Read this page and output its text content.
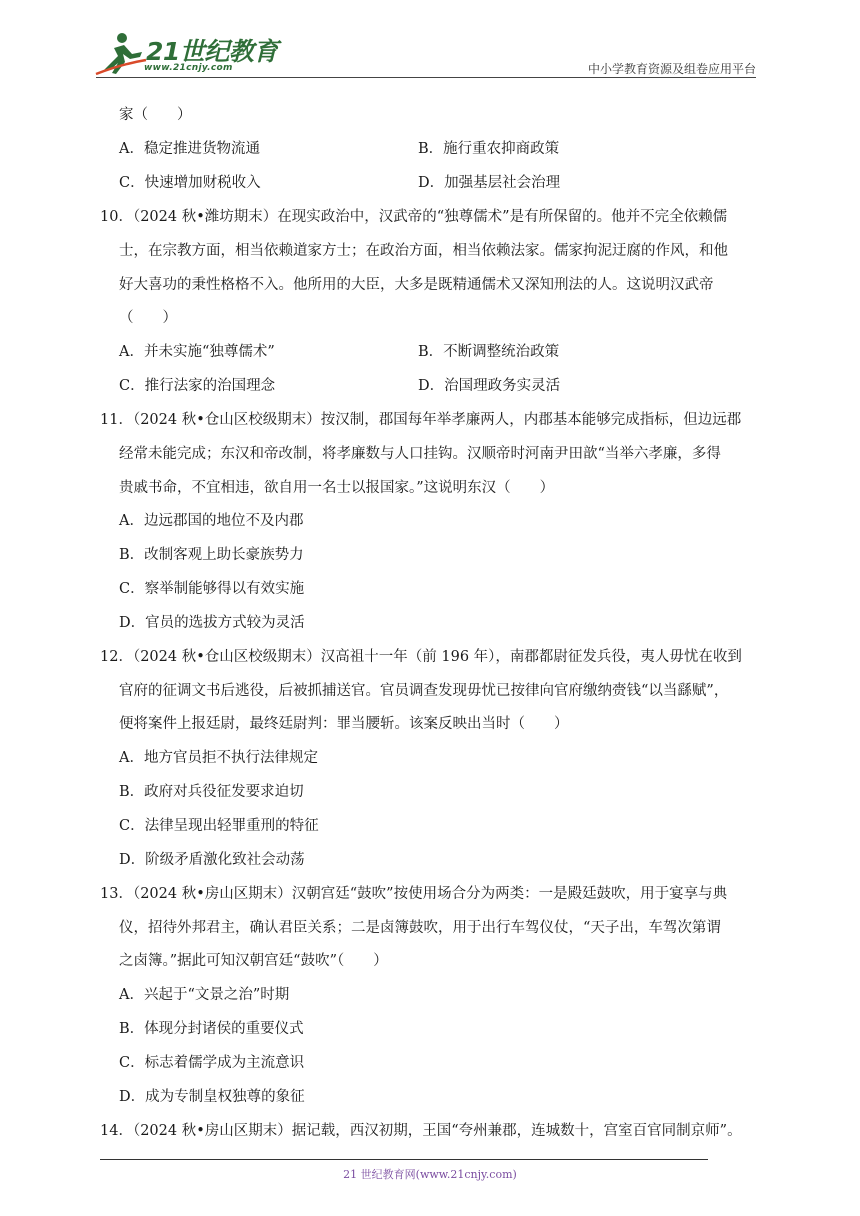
21世纪教育
www.21cnjy.com	中小学教育资源及组卷应用平台
家（　　）
A．稳定推进货物流通	B．施行重农抑商政策
C．快速增加财税收入	D．加强基层社会治理
10．（2024 秋•潍坊期末）在现实政治中，汉武帝的“独尊儒术”是有所保留的。他并不完全依赖儒
士，在宗教方面，相当依赖道家方士；在政治方面，相当依赖法家。儒家拘泥迂腐的作风，和他
好大喜功的秉性格格不入。他所用的大臣，大多是既精通儒术又深知刑法的人。这说明汉武帝
（　　）
A．并未实施“独尊儒术”	B．不断调整统治政策
C．推行法家的治国理念	D．治国理政务实灵活
11．（2024 秋•仓山区校级期末）按汉制，郡国每年举孝廉两人，内郡基本能够完成指标，但边远郡
经常未能完成；东汉和帝改制，将孝廉数与人口挂钩。汉顺帝时河南尹田歆“当举六孝廉，多得
贵戚书命，不宜相违，欲自用一名士以报国家。”这说明东汉（　　）
A．边远郡国的地位不及内郡
B．改制客观上助长豪族势力
C．察举制能够得以有效实施
D．官员的选拔方式较为灵活
12．（2024 秋•仓山区校级期末）汉高祖十一年（前 196 年），南郡都尉征发兵役，夷人毋忧在收到
官府的征调文书后逃役，后被抓捕送官。官员调查发现毋忧已按律向官府缴纳赍钱“以当繇赋”，
便将案件上报廷尉，最终廷尉判：罪当腰斩。该案反映出当时（　　）
A．地方官员拒不执行法律规定
B．政府对兵役征发要求迫切
C．法律呈现出轻罪重刑的特征
D．阶级矛盾激化致社会动荡
13．（2024 秋•房山区期末）汉朝宫廷“鼓吹”按使用场合分为两类：一是殿廷鼓吹，用于宴享与典
仪，招待外邦君主，确认君臣关系；二是卤簿鼓吹，用于出行车驾仪仗，“天子出，车驾次第谓
之卤簿。”据此可知汉朝宫廷“鼓吹”（　　）
A．兴起于“文景之治”时期
B．体现分封诸侯的重要仪式
C．标志着儒学成为主流意识
D．成为专制皇权独尊的象征
14．（2024 秋•房山区期末）据记载，西汉初期，王国“夸州兼郡，连城数十，宫室百官同制京师”。
21 世纪教育网(www.21cnjy.com)
